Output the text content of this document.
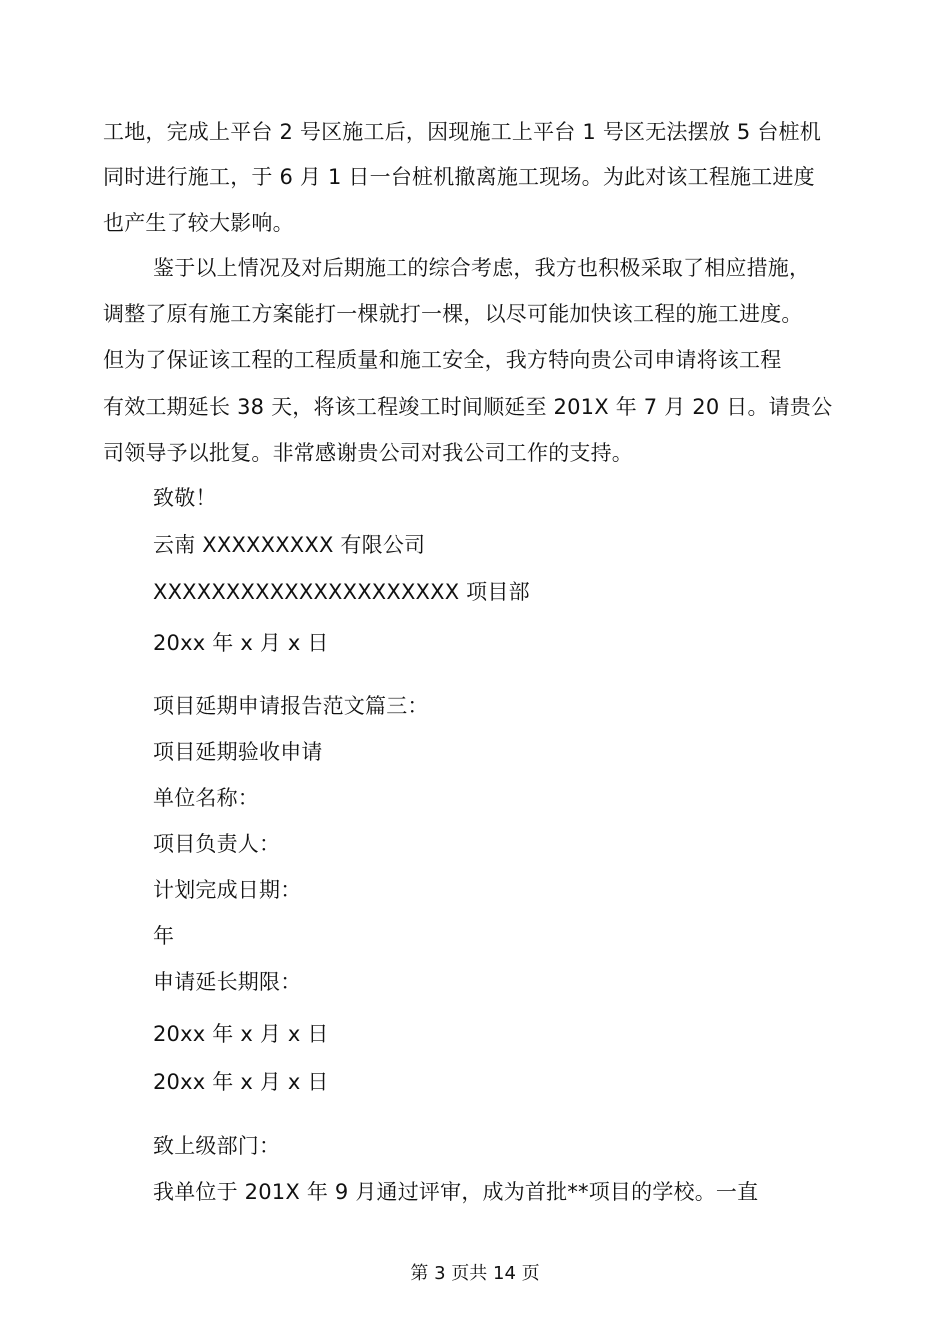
工地，完成上平台 2 号区施工后，因现施工上平台 1 号区无法摆放 5 台桩机
同时进行施工，于 6 月 1 日一台桩机撤离施工现场。为此对该工程施工进度
也产生了较大影响。
鉴于以上情况及对后期施工的综合考虑，我方也积极采取了相应措施，
调整了原有施工方案能打一棵就打一棵，以尽可能加快该工程的施工进度。
但为了保证该工程的工程质量和施工安全，我方特向贵公司申请将该工程
有效工期延长 38 天，将该工程竣工时间顺延至 201X 年 7 月 20 日。请贵公
司领导予以批复。非常感谢贵公司对我公司工作的支持。
致敬！
云南 XXXXXXXXX 有限公司
XXXXXXXXXXXXXXXXXXXXX 项目部
20xx 年 x 月 x 日
项目延期申请报告范文篇三：
项目延期验收申请
单位名称：
项目负责人：
计划完成日期：
年
申请延长期限：
20xx 年 x 月 x 日
20xx 年 x 月 x 日
致上级部门：
我单位于 201X 年 9 月通过评审，成为首批**项目的学校。一直
第 3 页共 14 页
